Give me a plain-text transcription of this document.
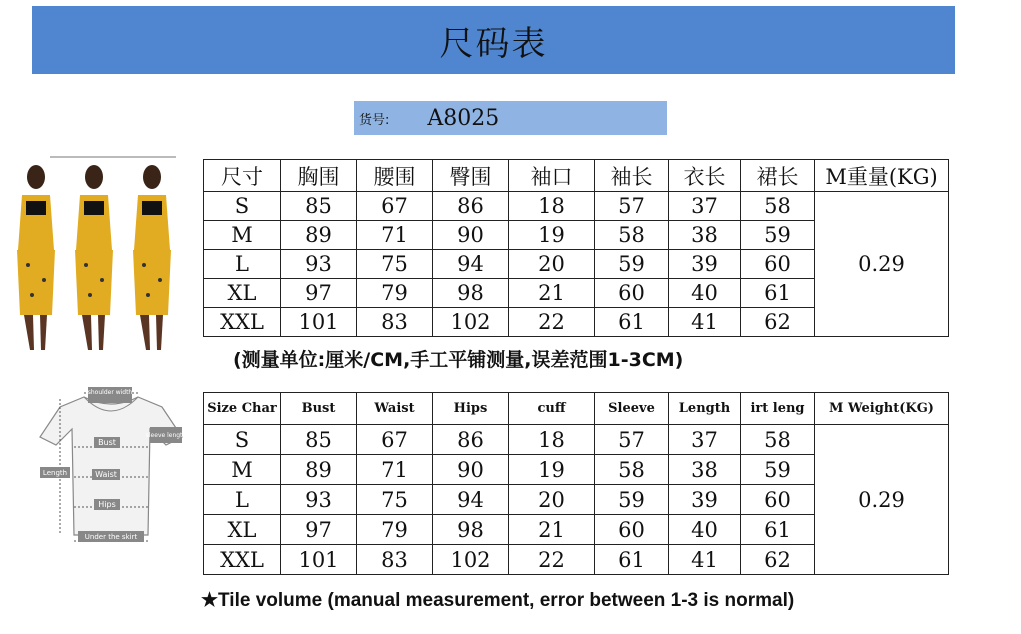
尺码表
货号: A8025
尺寸	胸围	腰围	臀围	袖口	袖长	衣长	裙长	M重量(KG)
S	85	67	86	18	57	37	58	0.29
M	89	71	90	19	58	38	59	
L	93	75	94	20	59	39	60	
XL	97	79	98	21	60	40	61	
XXL	101	83	102	22	61	41	62	
(测量单位:厘米/CM,手工平铺测量,误差范围1-3CM)
shoulder width
sleeve length
Bust
Waist
Hips
Length
Under the skirt
Size Char	Bust	Waist	Hips	cuff	Sleeve	Length	irt leng	M Weight(KG)
S	85	67	86	18	57	37	58	0.29
M	89	71	90	19	58	38	59	
L	93	75	94	20	59	39	60	
XL	97	79	98	21	60	40	61	
XXL	101	83	102	22	61	41	62	
★Tile volume (manual measurement, error between 1-3 is normal)
